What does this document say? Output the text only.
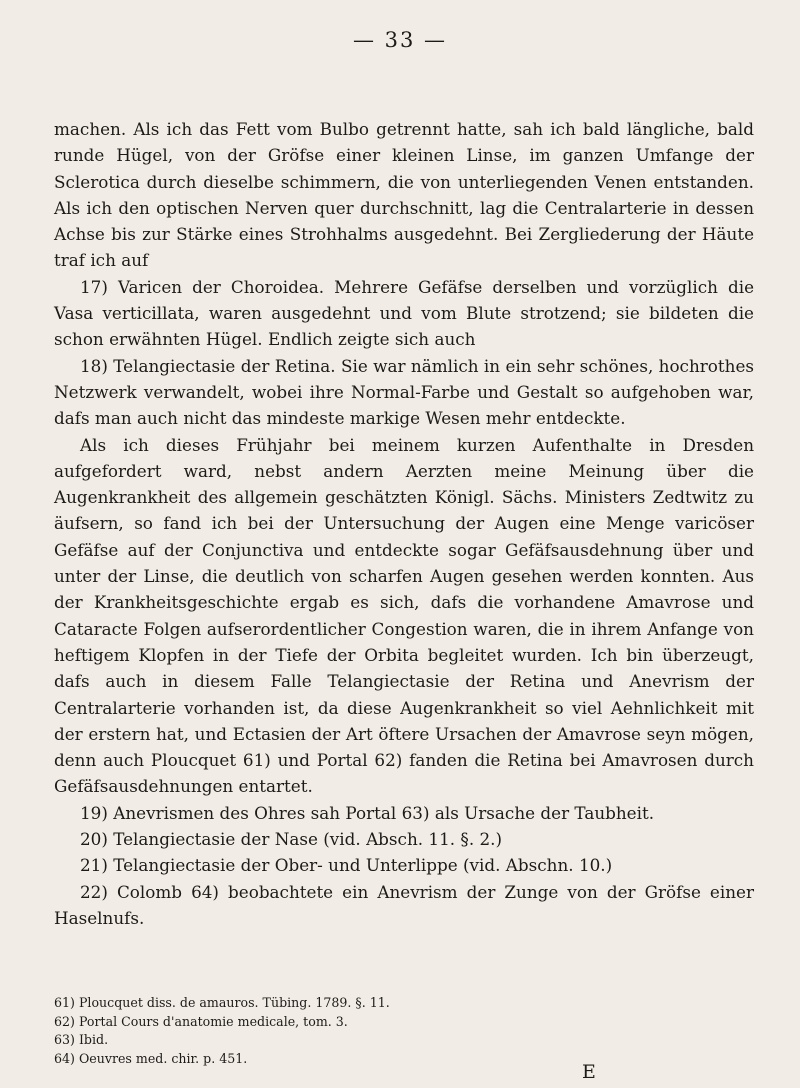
— 33 —

machen. Als ich das Fett vom Bulbo getrennt hatte, sah ich bald längliche, bald runde Hügel, von der Gröfse einer kleinen Linse, im ganzen Umfange der Sclerotica durch dieselbe schimmern, die von unterliegenden Venen entstanden. Als ich den optischen Nerven quer durchschnitt, lag die Centralarterie in dessen Achse bis zur Stärke eines Strohhalms ausgedehnt. Bei Zergliederung der Häute traf ich auf

17) Varicen der Choroidea. Mehrere Gefäfse derselben und vorzüglich die Vasa verticillata, waren ausgedehnt und vom Blute strotzend; sie bildeten die schon erwähnten Hügel. Endlich zeigte sich auch

18) Telangiectasie der Retina. Sie war nämlich in ein sehr schönes, hochrothes Netzwerk verwandelt, wobei ihre Normal-Farbe und Gestalt so aufgehoben war, dafs man auch nicht das mindeste markige Wesen mehr entdeckte.

Als ich dieses Frühjahr bei meinem kurzen Aufenthalte in Dresden aufgefordert ward, nebst andern Aerzten meine Meinung über die Augenkrankheit des allgemein geschätzten Königl. Sächs. Ministers Zedtwitz zu äufsern, so fand ich bei der Untersuchung der Augen eine Menge varicöser Gefäfse auf der Conjunctiva und entdeckte sogar Gefäfsausdehnung über und unter der Linse, die deutlich von scharfen Augen gesehen werden konnten. Aus der Krankheitsgeschichte ergab es sich, dafs die vorhandene Amavrose und Cataracte Folgen aufserordentlicher Congestion waren, die in ihrem Anfange von heftigem Klopfen in der Tiefe der Orbita begleitet wurden. Ich bin überzeugt, dafs auch in diesem Falle Telangiectasie der Retina und Anevrism der Centralarterie vorhanden ist, da diese Augenkrankheit so viel Aehnlichkeit mit der erstern hat, und Ectasien der Art öftere Ursachen der Amavrose seyn mögen, denn auch Ploucquet 61) und Portal 62) fanden die Retina bei Amavrosen durch Gefäfsausdehnungen entartet.

19) Anevrismen des Ohres sah Portal 63) als Ursache der Taubheit.

20) Telangiectasie der Nase (vid. Absch. 11. §. 2.)

21) Telangiectasie der Ober- und Unterlippe (vid. Abschn. 10.)

22) Colomb 64) beobachtete ein Anevrism der Zunge von der Gröfse einer Haselnufs.

61) Ploucquet diss. de amauros. Tübing. 1789. §. 11.

62) Portal Cours d'anatomie medicale, tom. 3.

63) Ibid.

64) Oeuvres med. chir. p. 451.

E
